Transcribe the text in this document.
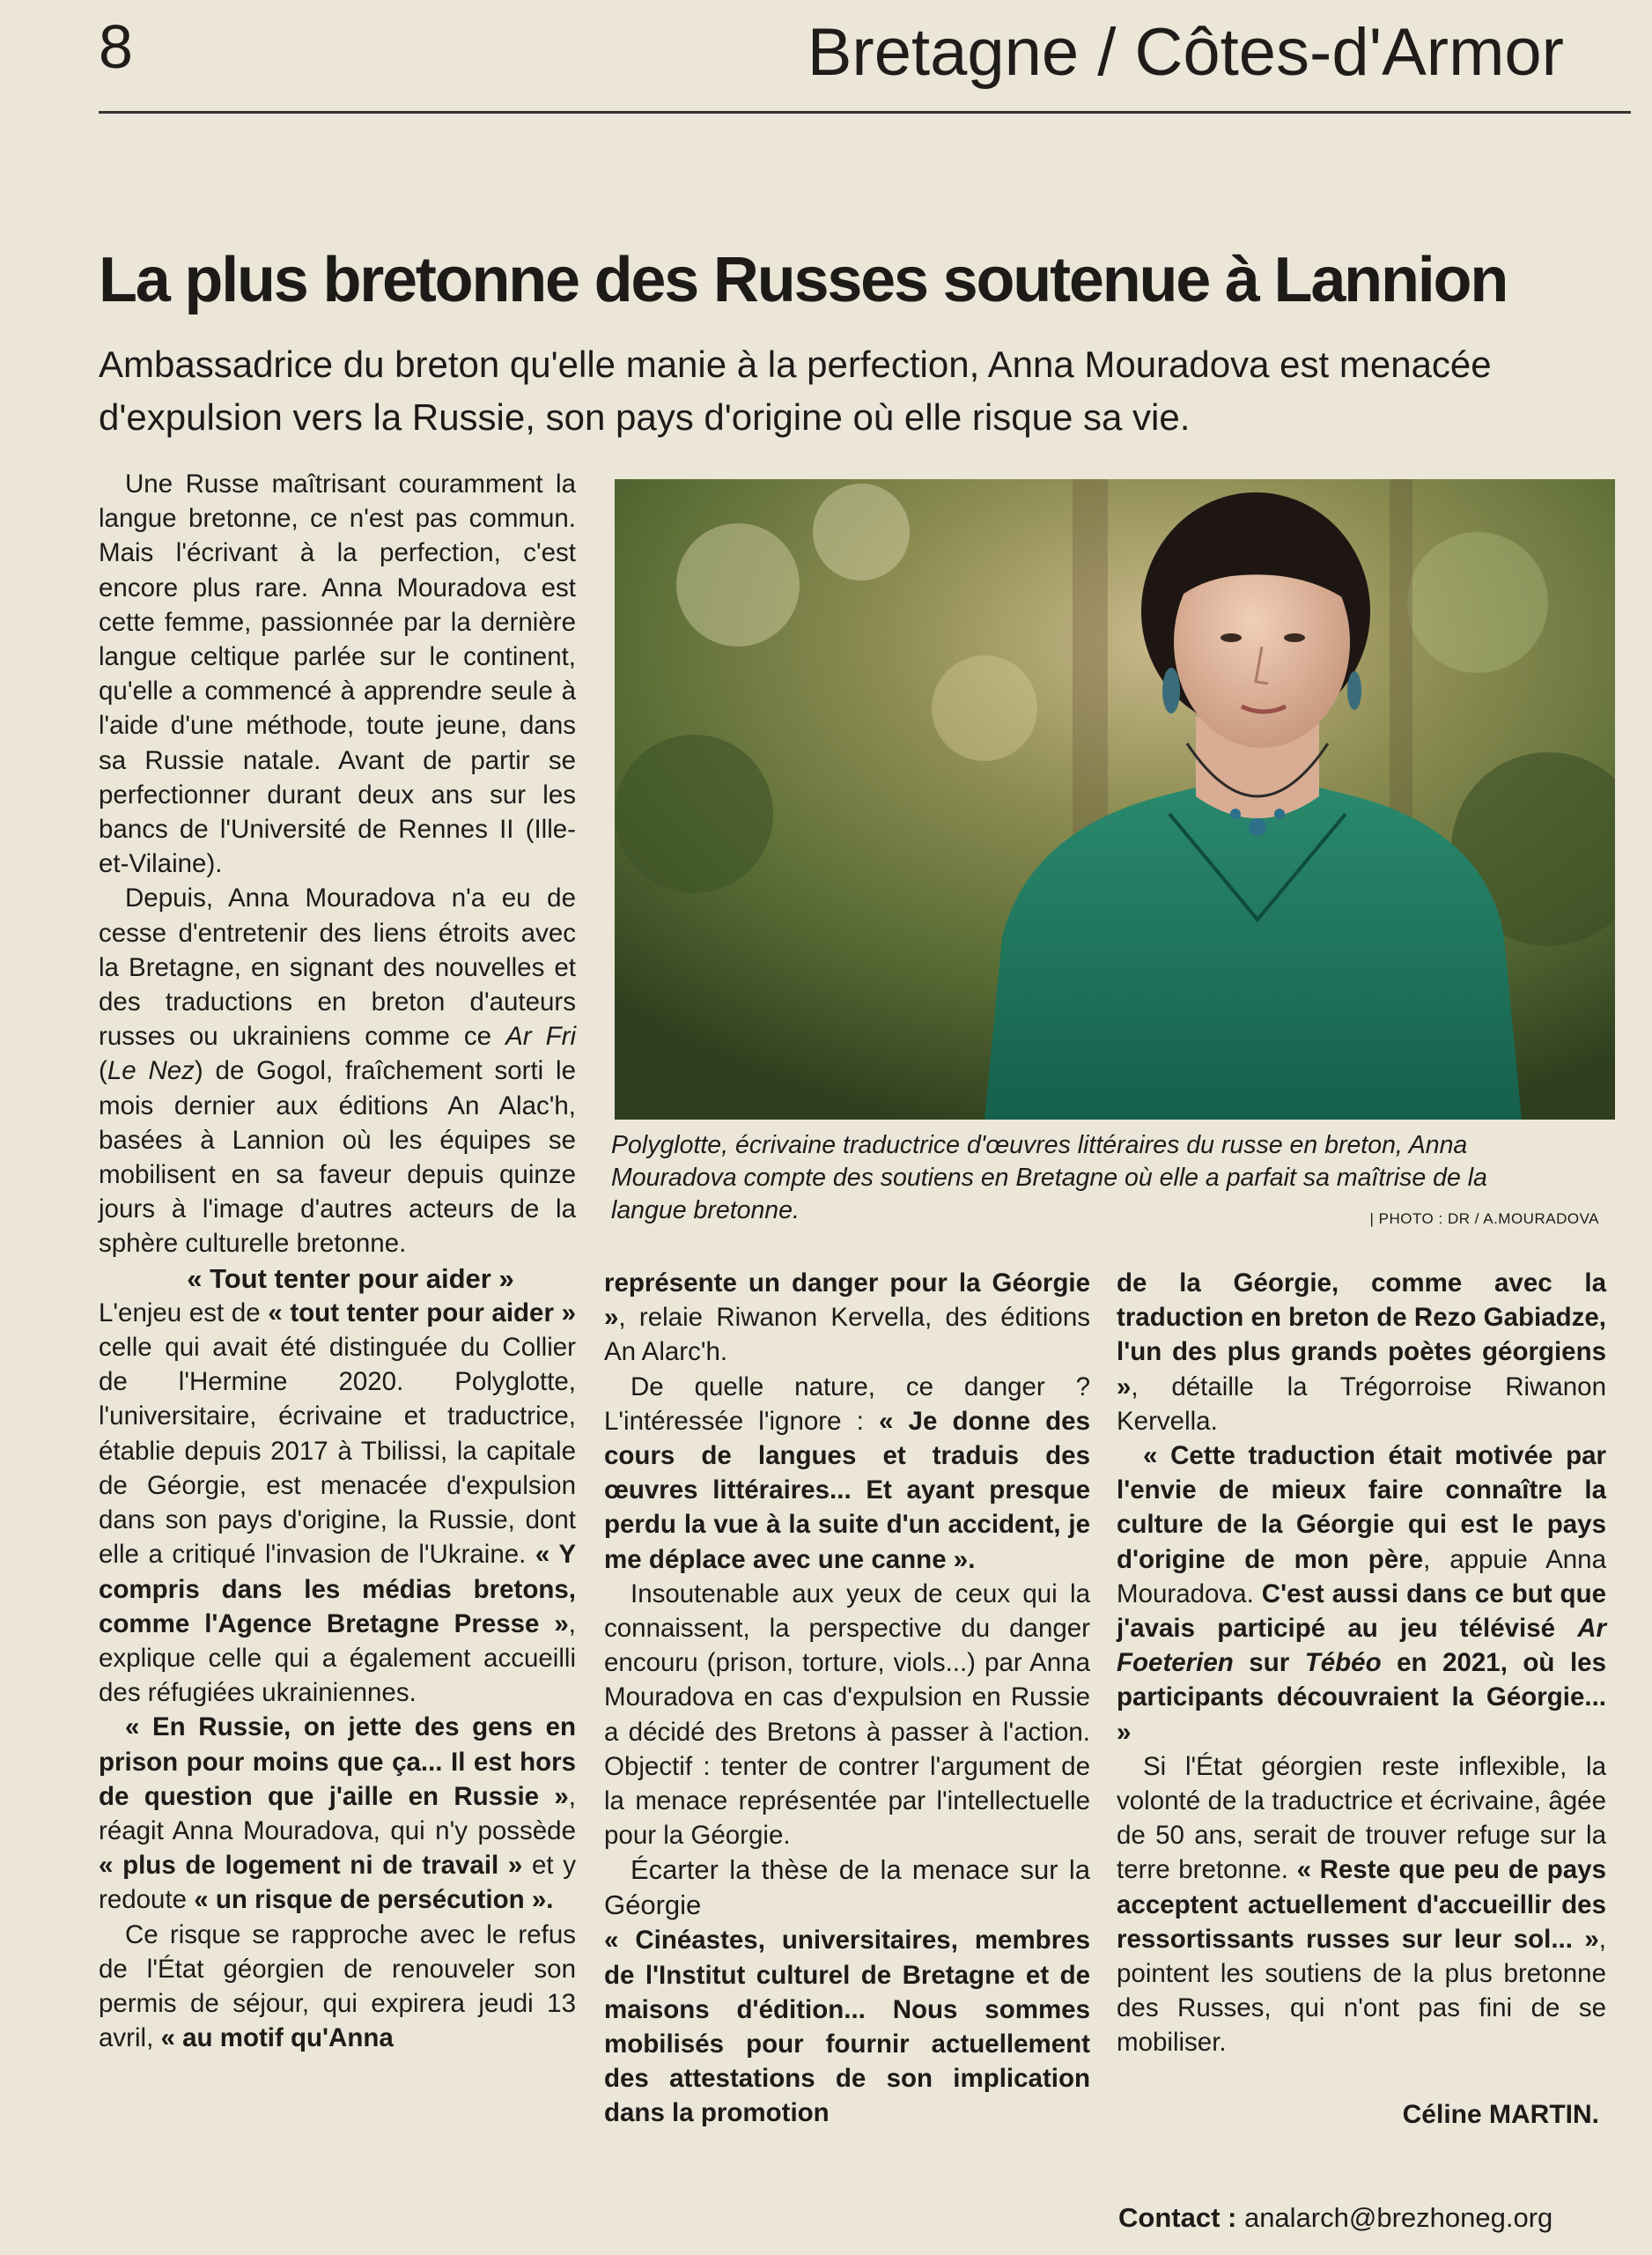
8	Bretagne / Côtes-d'Armor
La plus bretonne des Russes soutenue à Lannion
Ambassadrice du breton qu'elle manie à la perfection, Anna Mouradova est menacée d'expulsion vers la Russie, son pays d'origine où elle risque sa vie.

Une Russe maîtrisant couramment la langue bretonne, ce n'est pas commun. Mais l'écrivant à la perfection, c'est encore plus rare. Anna Mouradova est cette femme, passionnée par la dernière langue celtique parlée sur le continent, qu'elle a commencé à apprendre seule à l'aide d'une méthode, toute jeune, dans sa Russie natale. Avant de partir se perfectionner durant deux ans sur les bancs de l'Université de Rennes II (Ille-et-Vilaine).

Depuis, Anna Mouradova n'a eu de cesse d'entretenir des liens étroits avec la Bretagne, en signant des nouvelles et des traductions en breton d'auteurs russes ou ukrainiens comme ce Ar Fri (Le Nez) de Gogol, fraîchement sorti le mois dernier aux éditions An Alac'h, basées à Lannion où les équipes se mobilisent en sa faveur depuis quinze jours à l'image d'autres acteurs de la sphère culturelle bretonne.

« Tout tenter pour aider »

L'enjeu est de « tout tenter pour aider » celle qui avait été distinguée du Collier de l'Hermine 2020. Polyglotte, l'universitaire, écrivaine et traductrice, établie depuis 2017 à Tbilissi, la capitale de Géorgie, est menacée d'expulsion dans son pays d'origine, la Russie, dont elle a critiqué l'invasion de l'Ukraine. « Y compris dans les médias bretons, comme l'Agence Bretagne Presse », explique celle qui a également accueilli des réfugiées ukrainiennes.

« En Russie, on jette des gens en prison pour moins que ça... Il est hors de question que j'aille en Russie », réagit Anna Mouradova, qui n'y possède « plus de logement ni de travail » et y redoute « un risque de persécution ».

Ce risque se rapproche avec le refus de l'État géorgien de renouveler son permis de séjour, qui expirera jeudi 13 avril, « au motif qu'Anna

Polyglotte, écrivaine traductrice d'œuvres littéraires du russe en breton, Anna Mouradova compte des soutiens en Bretagne où elle a parfait sa maîtrise de la langue bretonne.	| PHOTO : DR / A.MOURADOVA

représente un danger pour la Géorgie », relaie Riwanon Kervella, des éditions An Alarc'h.

De quelle nature, ce danger ? L'intéressée l'ignore : « Je donne des cours de langues et traduis des œuvres littéraires... Et ayant presque perdu la vue à la suite d'un accident, je me déplace avec une canne ».

Insoutenable aux yeux de ceux qui la connaissent, la perspective du danger encouru (prison, torture, viols...) par Anna Mouradova en cas d'expulsion en Russie a décidé des Bretons à passer à l'action. Objectif : tenter de contrer l'argument de la menace représentée par l'intellectuelle pour la Géorgie.

Écarter la thèse de la menace sur la Géorgie

« Cinéastes, universitaires, membres de l'Institut culturel de Bretagne et de maisons d'édition... Nous sommes mobilisés pour fournir actuellement des attestations de son implication dans la promotion

de la Géorgie, comme avec la traduction en breton de Rezo Gabiadze, l'un des plus grands poètes géorgiens », détaille la Trégorroise Riwanon Kervella.

« Cette traduction était motivée par l'envie de mieux faire connaître la culture de la Géorgie qui est le pays d'origine de mon père, appuie Anna Mouradova. C'est aussi dans ce but que j'avais participé au jeu télévisé Ar Foeterien sur Tébéo en 2021, où les participants découvraient la Géorgie... »

Si l'État géorgien reste inflexible, la volonté de la traductrice et écrivaine, âgée de 50 ans, serait de trouver refuge sur la terre bretonne. « Reste que peu de pays acceptent actuellement d'accueillir des ressortissants russes sur leur sol... », pointent les soutiens de la plus bretonne des Russes, qui n'ont pas fini de se mobiliser.

Céline MARTIN.
Contact : analarch@brezhoneg.org
